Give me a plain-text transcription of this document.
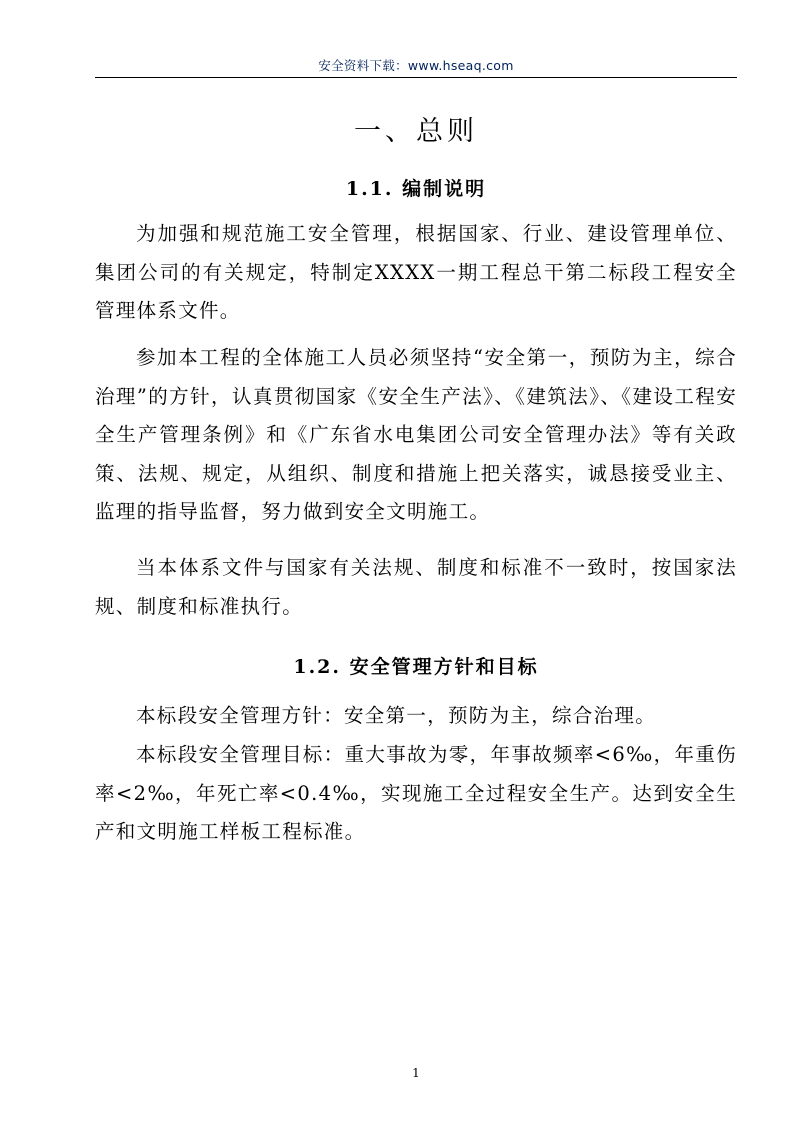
安全资料下载：www.hseaq.com
一、总则
1.1. 编制说明

为加强和规范施工安全管理，根据国家、行业、建设管理单位、集团公司的有关规定，特制定XXXX一期工程总干第二标段工程安全管理体系文件。

参加本工程的全体施工人员必须坚持“安全第一，预防为主，综合治理”的方针，认真贯彻国家《安全生产法》、《建筑法》、《建设工程安全生产管理条例》和《广东省水电集团公司安全管理办法》等有关政策、法规、规定，从组织、制度和措施上把关落实，诚恳接受业主、监理的指导监督，努力做到安全文明施工。

当本体系文件与国家有关法规、制度和标准不一致时，按国家法规、制度和标准执行。

1.2. 安全管理方针和目标

本标段安全管理方针：安全第一，预防为主，综合治理。

本标段安全管理目标：重大事故为零，年事故频率<6‰，年重伤率<2‰，年死亡率<0.4‰，实现施工全过程安全生产。达到安全生产和文明施工样板工程标准。

1
